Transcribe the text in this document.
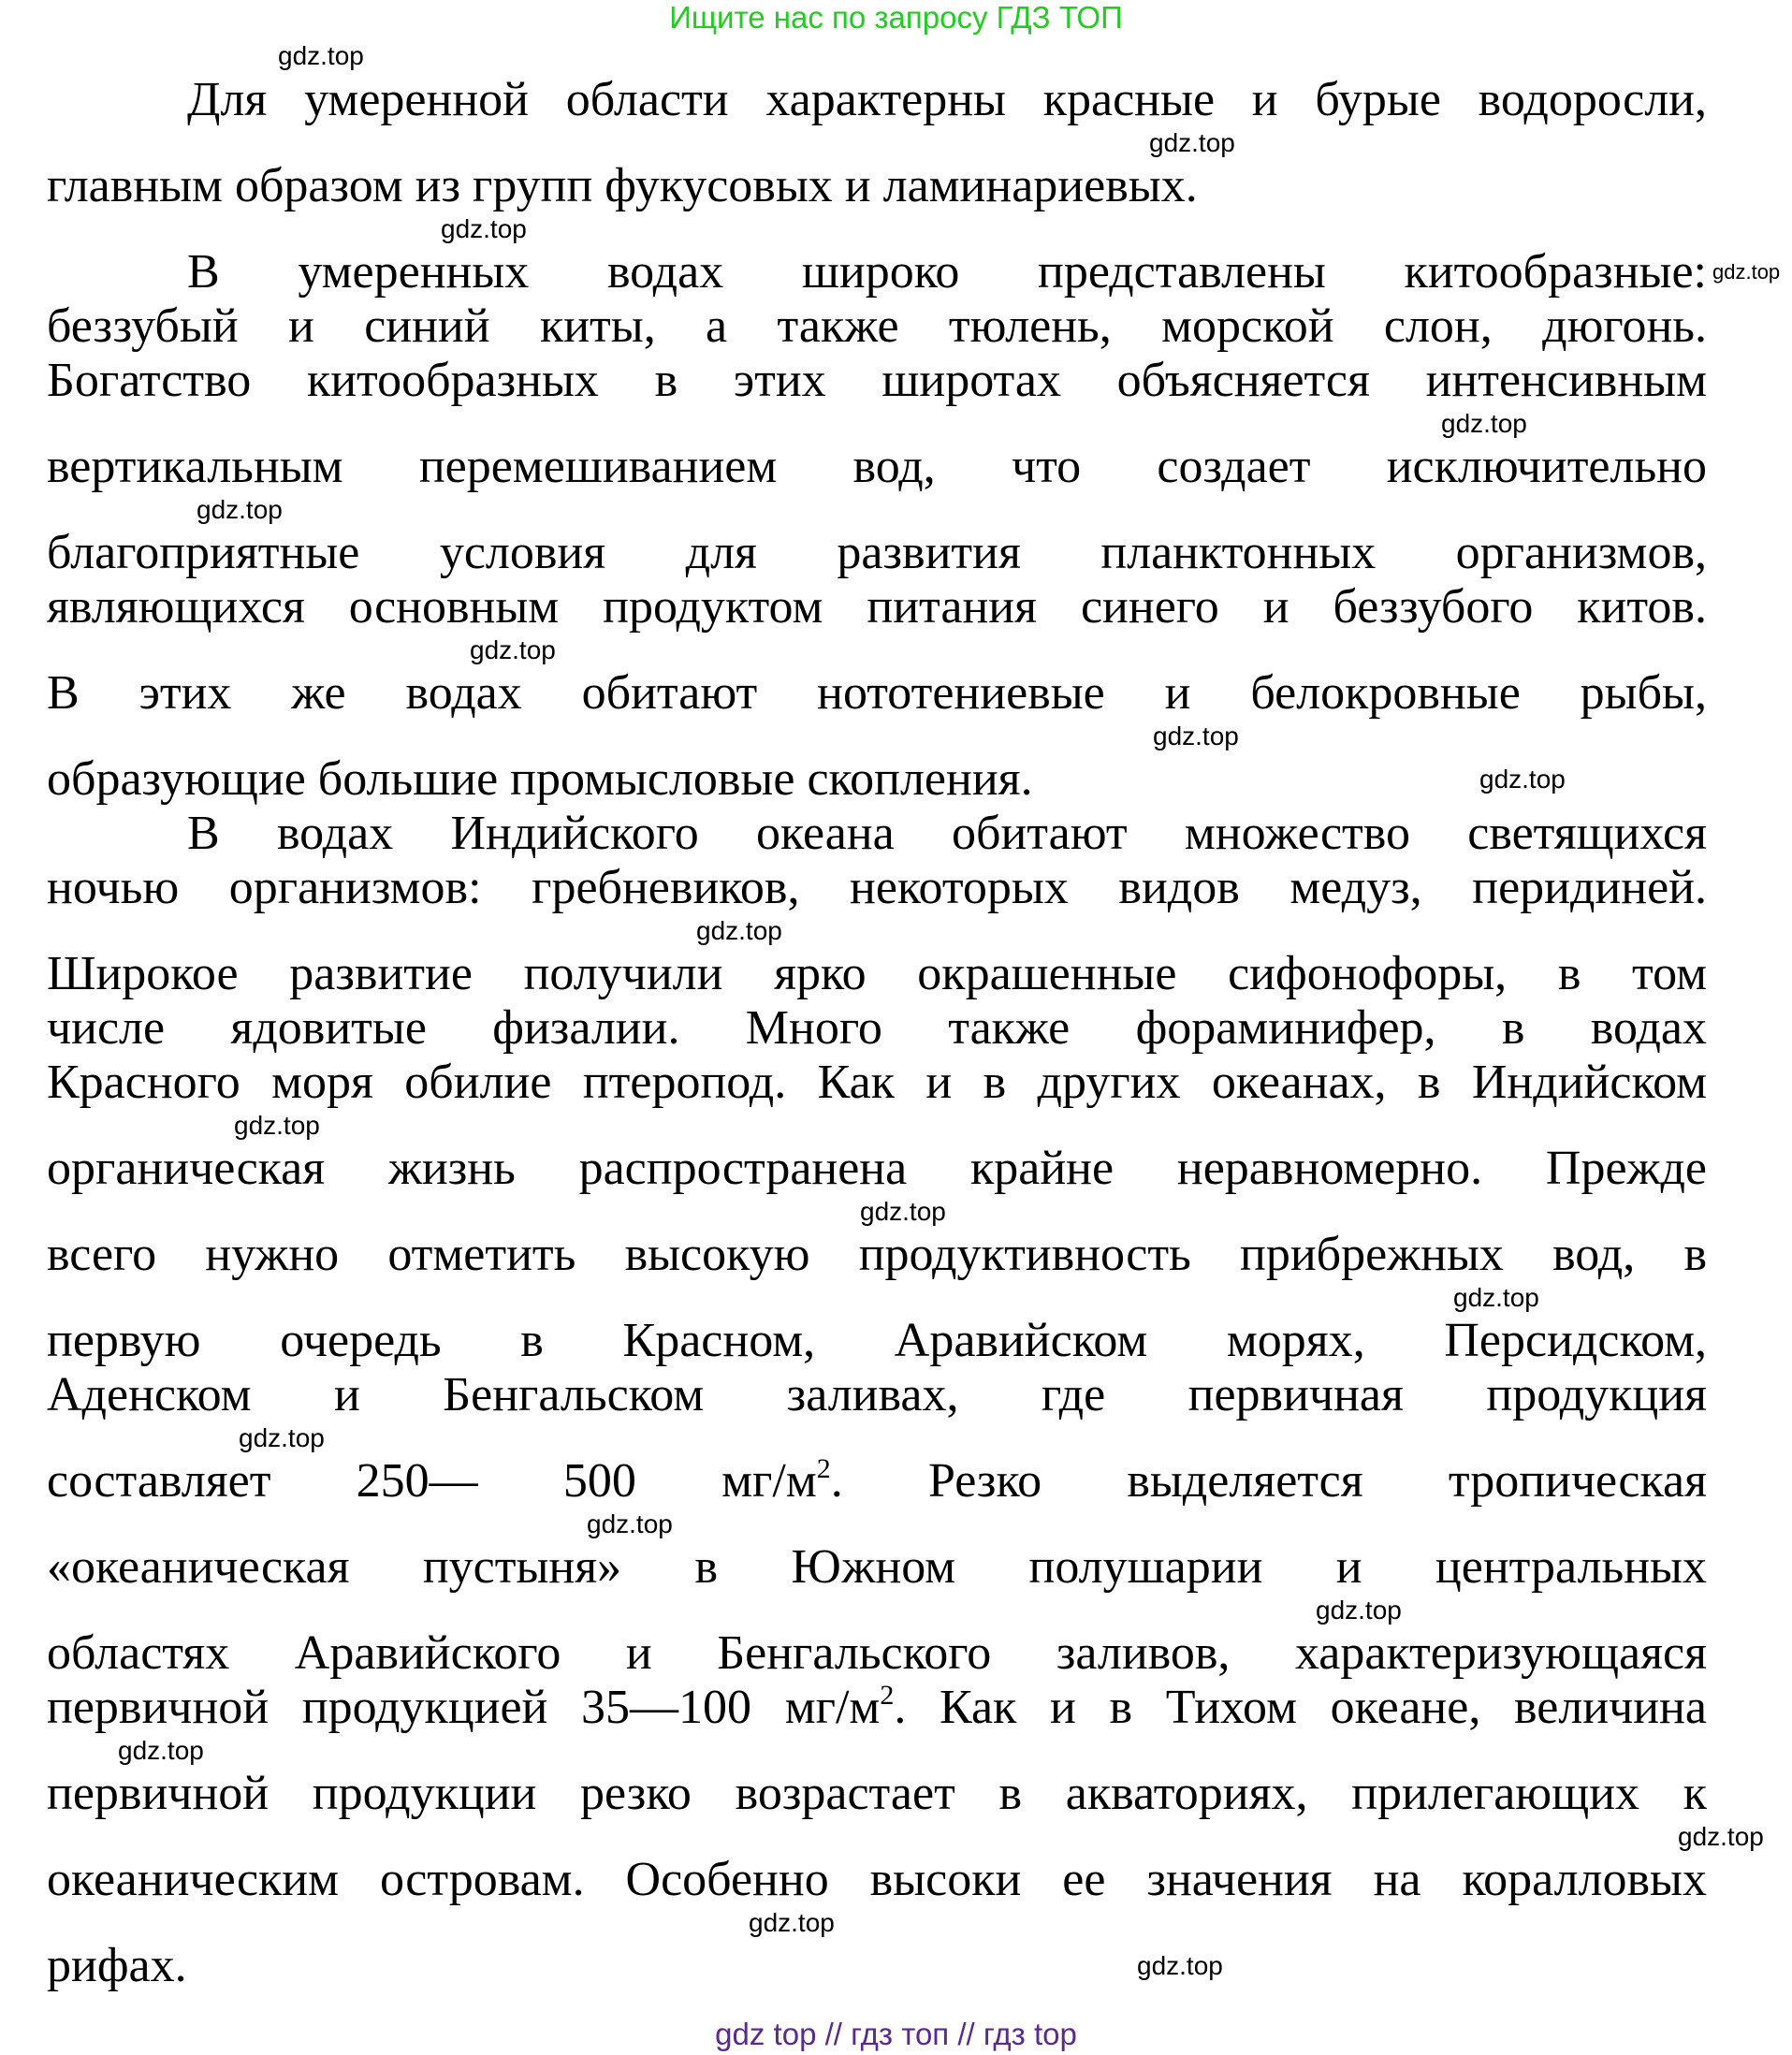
Ищите нас по запросу ГДЗ ТОП
Для умеренной области характерны красные и бурые водоросли,
главным образом из групп фукусовых и ламинариевых.
В умеренных водах широко представлены китообразные:
беззубый и синий киты, а также тюлень, морской слон, дюгонь.
Богатство китообразных в этих широтах объясняется интенсивным
вертикальным перемешиванием вод, что создает исключительно
благоприятные условия для развития планктонных организмов,
являющихся основным продуктом питания синего и беззубого китов.
В этих же водах обитают нототениевые и белокровные рыбы,
образующие большие промысловые скопления.
В водах Индийского океана обитают множество светящихся
ночью организмов: гребневиков, некоторых видов медуз, перидиней.
Широкое развитие получили ярко окрашенные сифонофоры, в том
числе ядовитые физалии. Много также фораминифер, в водах
Красного моря обилие птеропод. Как и в других океанах, в Индийском
органическая жизнь распространена крайне неравномерно. Прежде
всего нужно отметить высокую продуктивность прибрежных вод, в
первую очередь в Красном, Аравийском морях, Персидском,
Аденском и Бенгальском заливах, где первичная продукция
составляет 250— 500 $мг/м^2$. Резко выделяется тропическая
«океаническая пустыня» в Южном полушарии и центральных
областях Аравийского и Бенгальского заливов, характеризующаяся
первичной продукцией 35—100 $мг/м^2$. Как и в Тихом океане, величина
первичной продукции резко возрастает в акваториях, прилегающих к
океаническим островам. Особенно высоки ее значения на коралловых
рифах.
gdz.top
gdz.top
gdz.top
gdz.top
gdz.top
gdz.top
gdz.top
gdz.top
gdz.top
gdz.top
gdz.top
gdz.top
gdz.top
gdz.top
gdz.top
gdz.top
gdz.top
gdz.top
gdz.top
gdz.top
gdz top // гдз топ // гдз top
